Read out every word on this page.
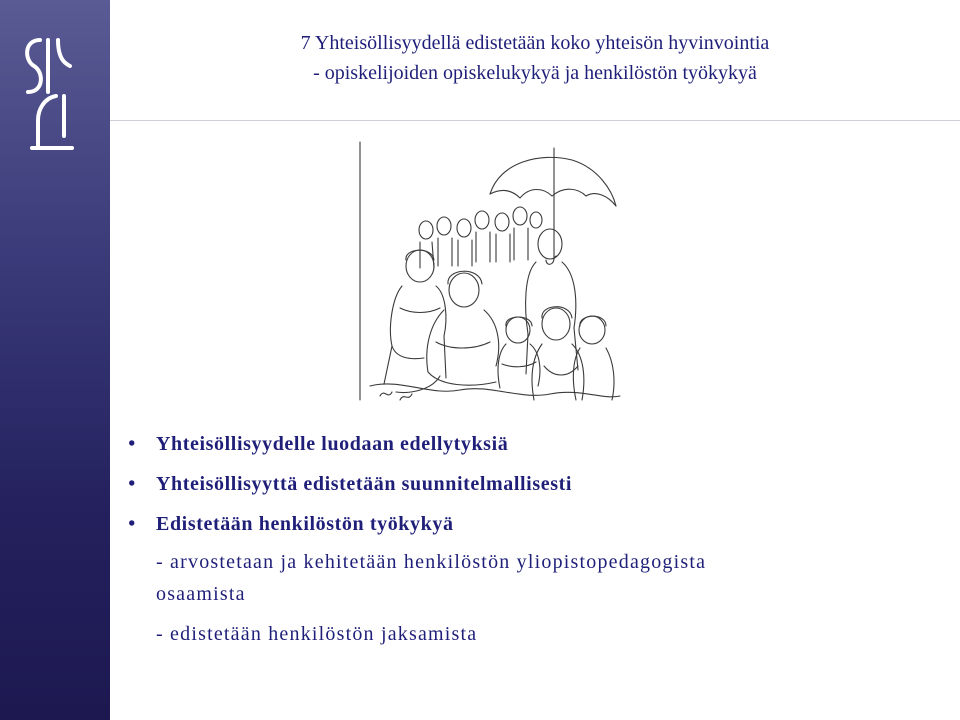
7 Yhteisöllisyydellä edistetään koko yhteisön hyvinvointia
- opiskelijoiden opiskelukykyä ja henkilöstön työkykyä
•	Yhteisöllisyydelle luodaan edellytyksiä
•	Yhteisöllisyyttä edistetään suunnitelmallisesti
•	Edistetään henkilöstön työkykyä
- arvostetaan ja kehitetään henkilöstön yliopistopedagogista
osaamista
- edistetään henkilöstön jaksamista
